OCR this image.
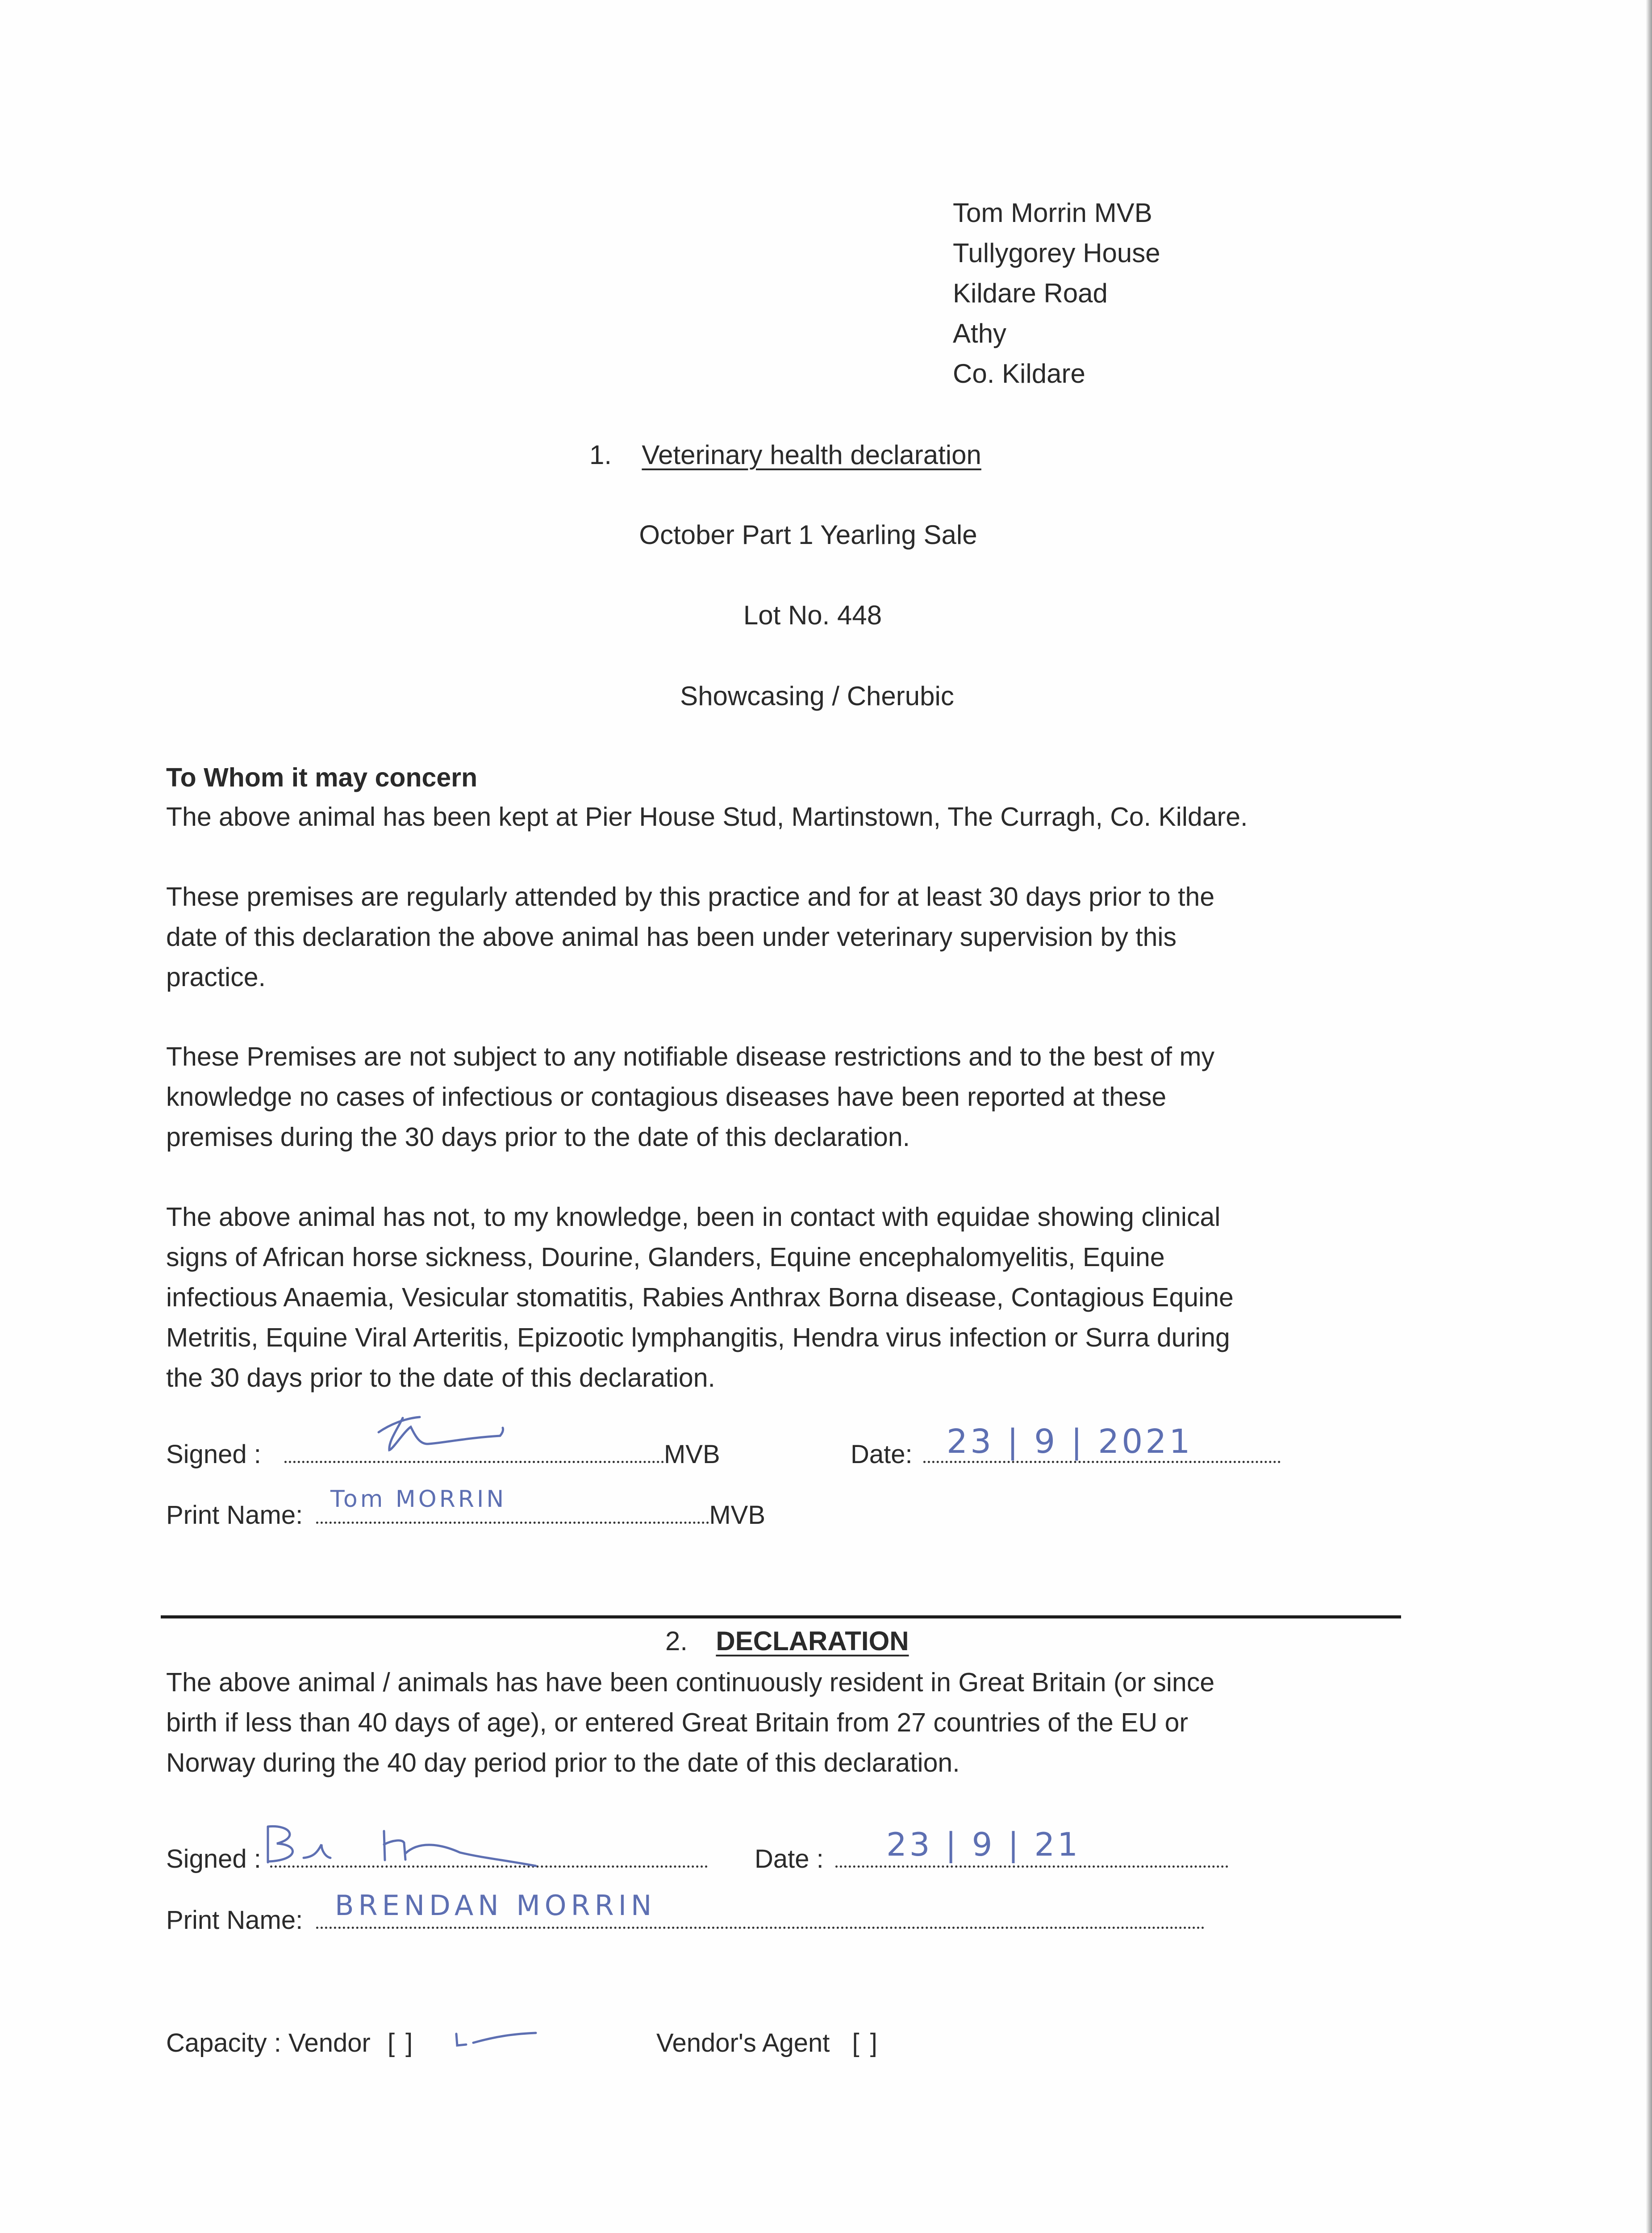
Tom Morrin MVB
Tullygorey House
Kildare Road
Athy
Co. Kildare
1. Veterinary health declaration
October Part 1 Yearling Sale
Lot No. 448
Showcasing / Cherubic
To Whom it may concern
The above animal has been kept at Pier House Stud, Martinstown, The Curragh, Co. Kildare.
These premises are regularly attended by this practice and for at least 30 days prior to the
date of this declaration the above animal has been under veterinary supervision by this
practice.
These Premises are not subject to any notifiable disease restrictions and to the best of my
knowledge no cases of infectious or contagious diseases have been reported at these
premises during the 30 days prior to the date of this declaration.
The above animal has not, to my knowledge, been in contact with equidae showing clinical
signs of African horse sickness, Dourine, Glanders, Equine encephalomyelitis, Equine
infectious Anaemia, Vesicular stomatitis, Rabies Anthrax Borna disease, Contagious Equine
Metritis, Equine Viral Arteritis, Epizootic lymphangitis, Hendra virus infection or Surra during
the 30 days prior to the date of this declaration.
Signed :	MVB	Date:	23 | 9 | 2021
Print Name:	MVB
Tom MORRIN
2. DECLARATION
The above animal / animals has have been continuously resident in Great Britain (or since
birth if less than 40 days of age), or entered Great Britain from 27 countries of the EU or
Norway during the 40 day period prior to the date of this declaration.
Signed :	Date :	23 | 9 | 21
Print Name:	BRENDAN MORRIN
Capacity : Vendor [ ]	Vendor's Agent [ ]
